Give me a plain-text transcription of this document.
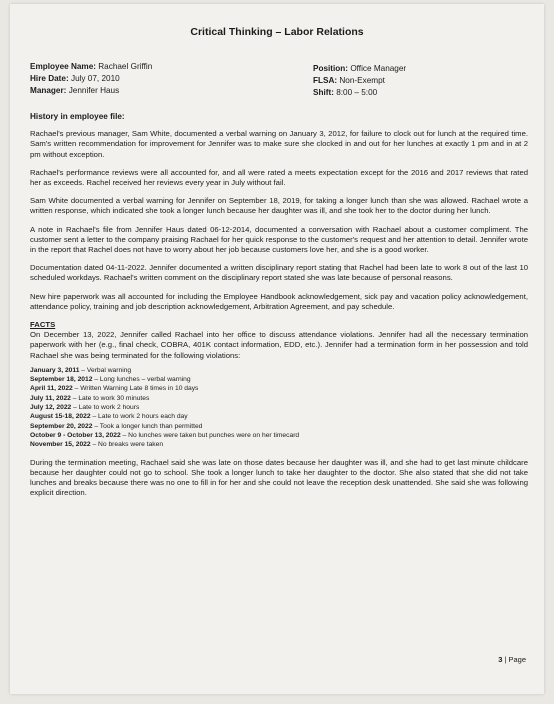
Critical Thinking – Labor Relations
Employee Name: Rachael Griffin
Hire Date: July 07, 2010
Manager: Jennifer Haus
Position: Office Manager
FLSA: Non-Exempt
Shift: 8:00 – 5:00

History in employee file:

Rachael's previous manager, Sam White, documented a verbal warning on January 3, 2012, for failure to clock out for lunch at the required time. Sam's written recommendation for improvement for Jennifer was to make sure she clocked in and out for her lunches at exactly 1 pm and in at 2 pm without exception.

Rachael's performance reviews were all accounted for, and all were rated a meets expectation except for the 2016 and 2017 reviews that rated her as exceeds. Rachel received her reviews every year in July without fail.

Sam White documented a verbal warning for Jennifer on September 18, 2019, for taking a longer lunch than she was allowed. Rachael wrote a written response, which indicated she took a longer lunch because her daughter was ill, and she took her to the doctor during her lunch.

A note in Rachael's file from Jennifer Haus dated 06-12-2014, documented a conversation with Rachael about a customer compliment. The customer sent a letter to the company praising Rachael for her quick response to the customer's request and her attention to detail. Jennifer wrote in the report that Rachel does not have to worry about her job because customers love her, and she is a good worker.

Documentation dated 04-11-2022. Jennifer documented a written disciplinary report stating that Rachel had been late to work 8 out of the last 10 scheduled workdays. Rachael's written comment on the disciplinary report stated she was late because of personal reasons.

New hire paperwork was all accounted for including the Employee Handbook acknowledgement, sick pay and vacation policy acknowledgement, attendance policy, training and job description acknowledgement, Arbitration Agreement, and pay schedule.

FACTS

On December 13, 2022, Jennifer called Rachael into her office to discuss attendance violations. Jennifer had all the necessary termination paperwork with her (e.g., final check, COBRA, 401K contact information, EDD, etc.). Jennifer had a termination form in her possession and told Rachael she was being terminated for the following violations:

January 3, 2011 – Verbal warning
September 18, 2012 – Long lunches – verbal warning
April 11, 2022 – Written Warning Late 8 times in 10 days
July 11, 2022 – Late to work 30 minutes
July 12, 2022 – Late to work 2 hours
August 15-18, 2022 – Late to work 2 hours each day
September 20, 2022 – Took a longer lunch than permitted
October 9 - October 13, 2022 – No lunches were taken but punches were on her timecard
November 15, 2022 – No breaks were taken

During the termination meeting, Rachael said she was late on those dates because her daughter was ill, and she had to get last minute childcare because her daughter could not go to school. She took a longer lunch to take her daughter to the doctor. She also stated that she did not take lunches and breaks because there was no one to fill in for her and she could not leave the reception desk unattended. She said she was following explicit direction.

3 | Page
